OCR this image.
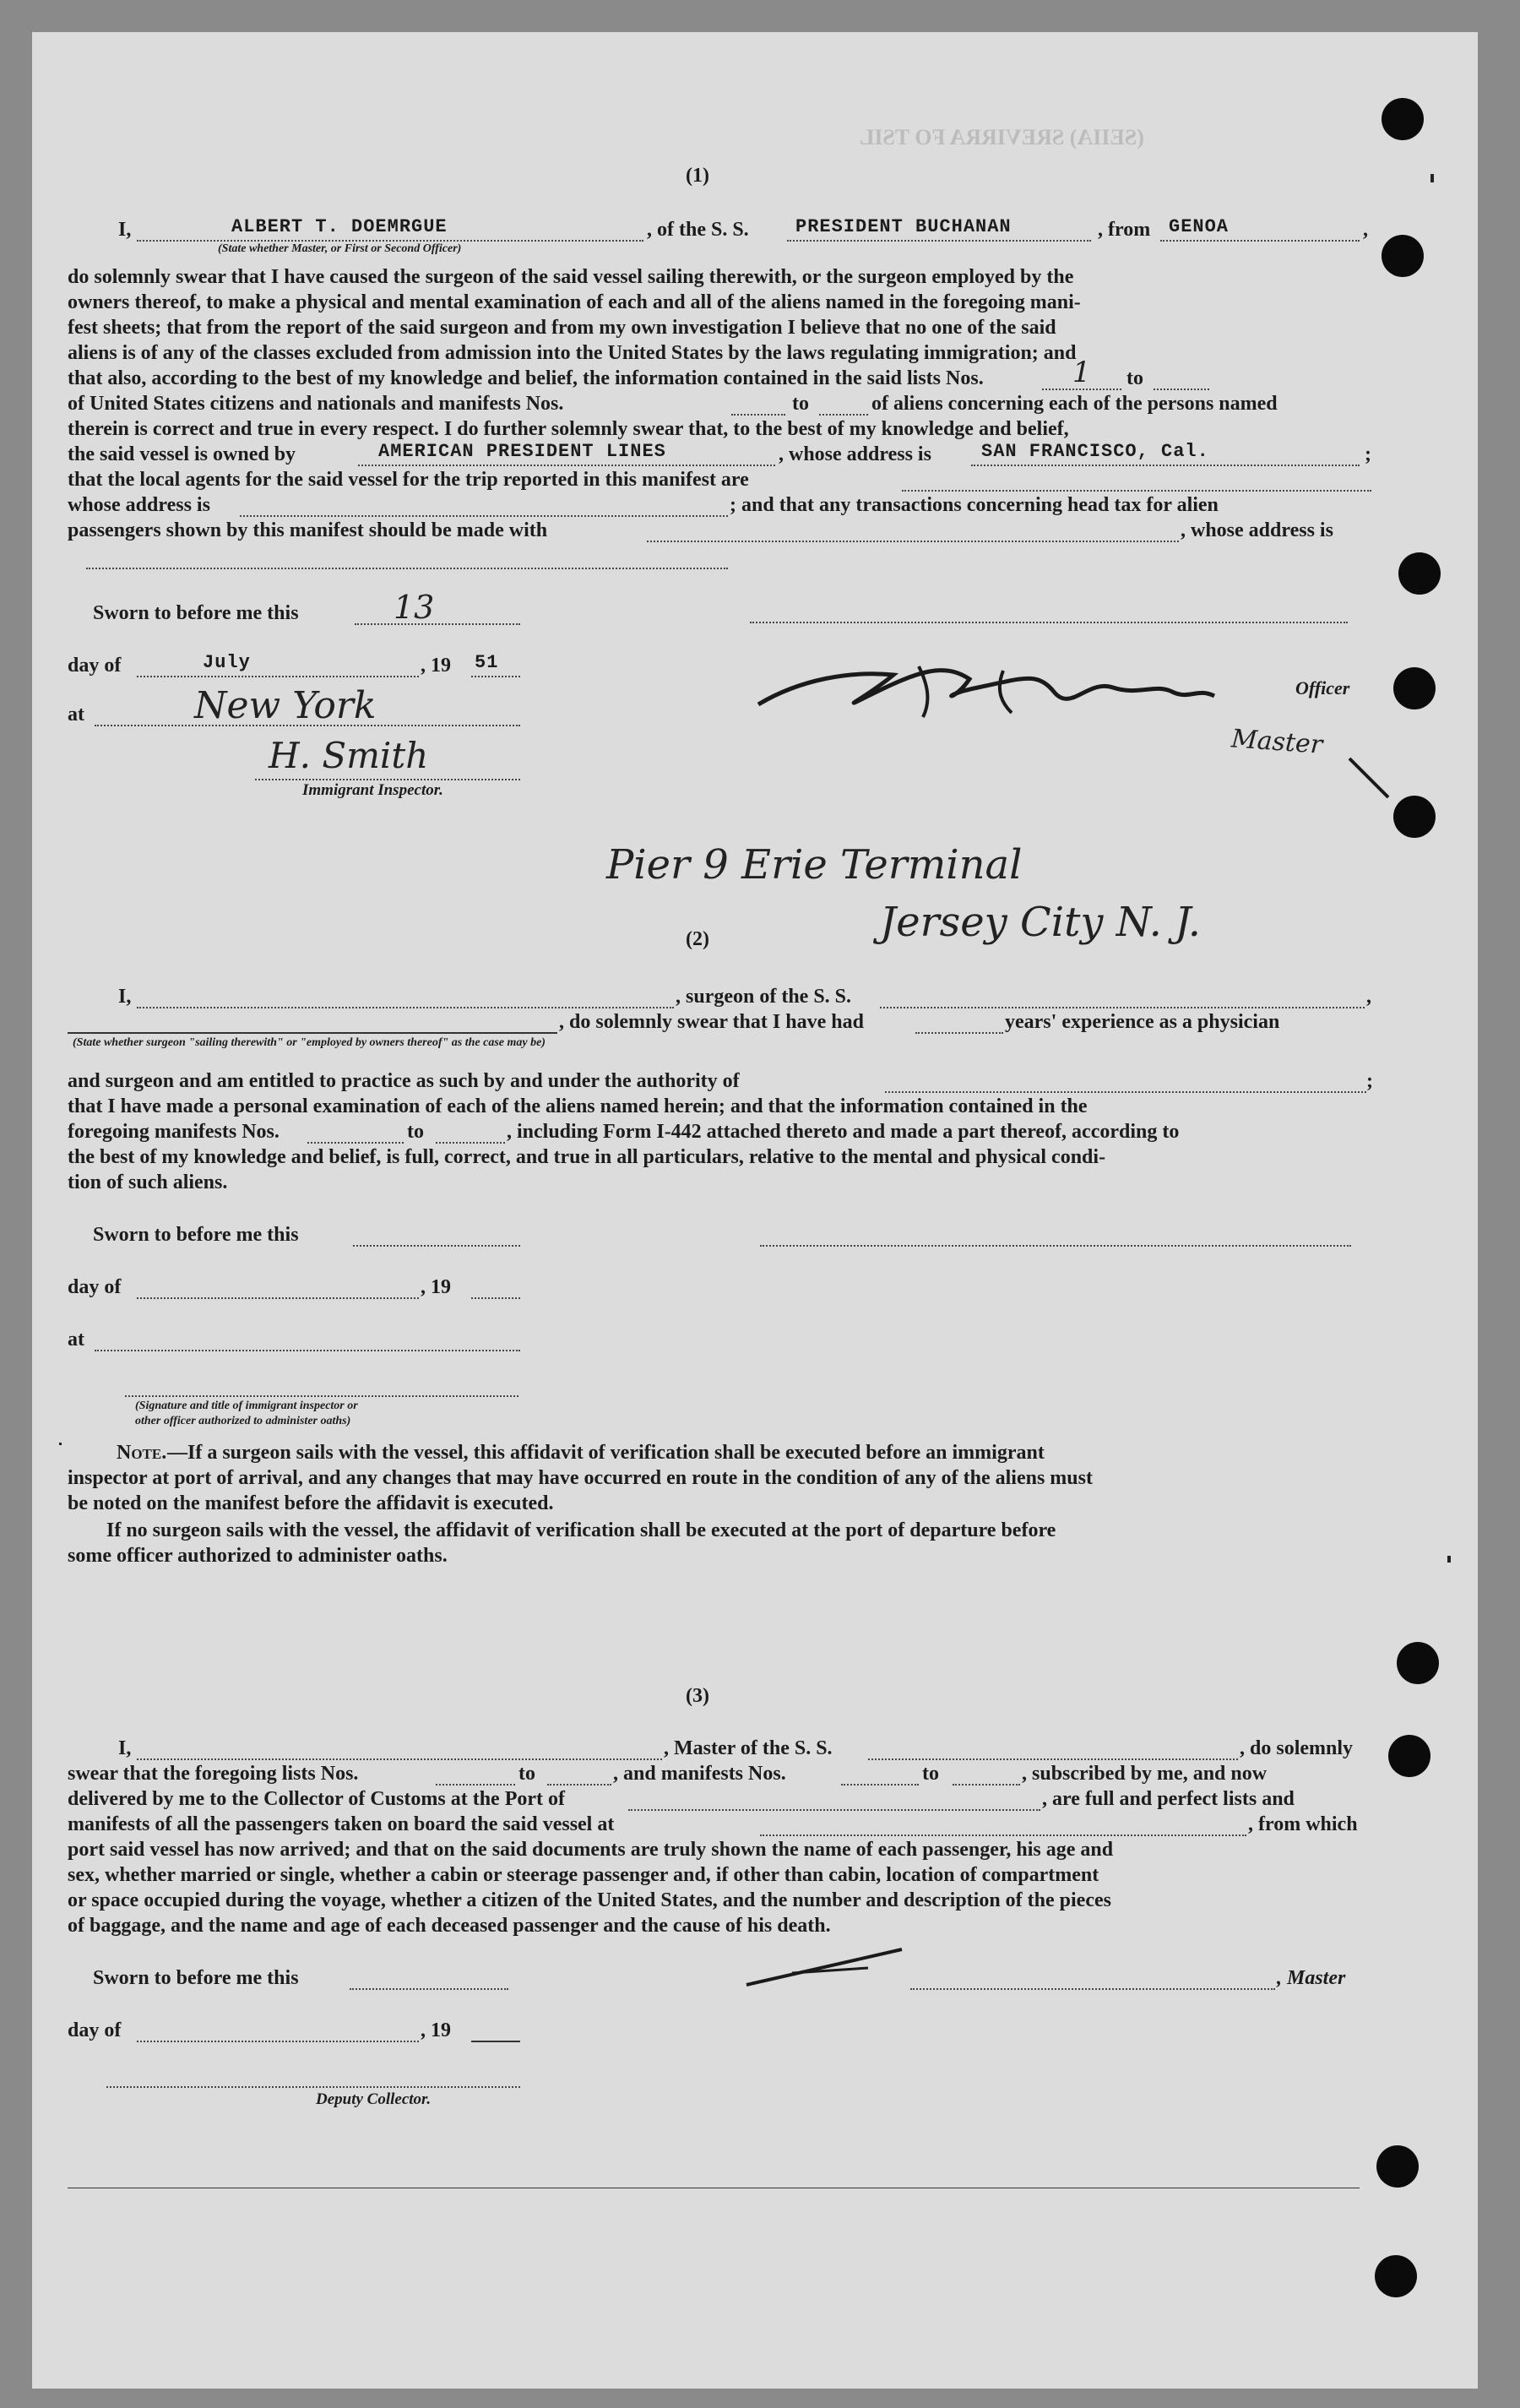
(SEIIA) SREVIRRA FO TSIL
(1)
I,	ALBERT T. DOEMRGUE
(State whether Master, or First or Second Officer)
, of the S. S.	PRESIDENT BUCHANAN	, from GENOA	,
do solemnly swear that I have caused the surgeon of the said vessel sailing therewith, or the surgeon employed by the
owners thereof, to make a physical and mental examination of each and all of the aliens named in the foregoing mani-
fest sheets; that from the report of the said surgeon and from my own investigation I believe that no one of the said
aliens is of any of the classes excluded from admission into the United States by the laws regulating immigration; and
that also, according to the best of my knowledge and belief, the information contained in the said lists Nos.	1 to
of United States citizens and nationals and manifests Nos.	to	of aliens concerning each of the persons named
therein is correct and true in every respect. I do further solemnly swear that, to the best of my knowledge and belief,
the said vessel is owned by	AMERICAN PRESIDENT LINES	, whose address is	SAN FRANCISCO, Cal.	;
that the local agents for the said vessel for the trip reported in this manifest are
whose address is	; and that any transactions concerning head tax for alien
passengers shown by this manifest should be made with	, whose address is
Sworn to before me this	13
day of	July	, 19 51
Officer
Master
at	New York
H. Smith
Immigrant Inspector.
Pier 9 Erie Terminal
Jersey City N. J.
(2)
I,	, surgeon of the S. S.	,
, do solemnly swear that I have had	years' experience as a physician
(State whether surgeon "sailing therewith" or "employed by owners thereof" as the case may be)
and surgeon and am entitled to practice as such by and under the authority of	;
that I have made a personal examination of each of the aliens named herein; and that the information contained in the
foregoing manifests Nos.	to	, including Form I-442 attached thereto and made a part thereof, according to
the best of my knowledge and belief, is full, correct, and true in all particulars, relative to the mental and physical condi-
tion of such aliens.
Sworn to before me this
day of	, 19
at
(Signature and title of immigrant inspector or
other officer authorized to administer oaths)
Note. —If a surgeon sails with the vessel, this affidavit of verification shall be executed before an immigrant
inspector at port of arrival, and any changes that may have occurred en route in the condition of any of the aliens must
be noted on the manifest before the affidavit is executed.
If no surgeon sails with the vessel, the affidavit of verification shall be executed at the port of departure before
some officer authorized to administer oaths.
(3)
I,	, Master of the S. S.	, do solemnly
swear that the foregoing lists Nos.	to	, and manifests Nos.	to	, subscribed by me, and now
delivered by me to the Collector of Customs at the Port of	, are full and perfect lists and
manifests of all the passengers taken on board the said vessel at	, from which
port said vessel has now arrived; and that on the said documents are truly shown the name of each passenger, his age and
sex, whether married or single, whether a cabin or steerage passenger and, if other than cabin, location of compartment
or space occupied during the voyage, whether a citizen of the United States, and the number and description of the pieces
of baggage, and the name and age of each deceased passenger and the cause of his death.
Sworn to before me this	, Master
day of	, 19
Deputy Collector.
